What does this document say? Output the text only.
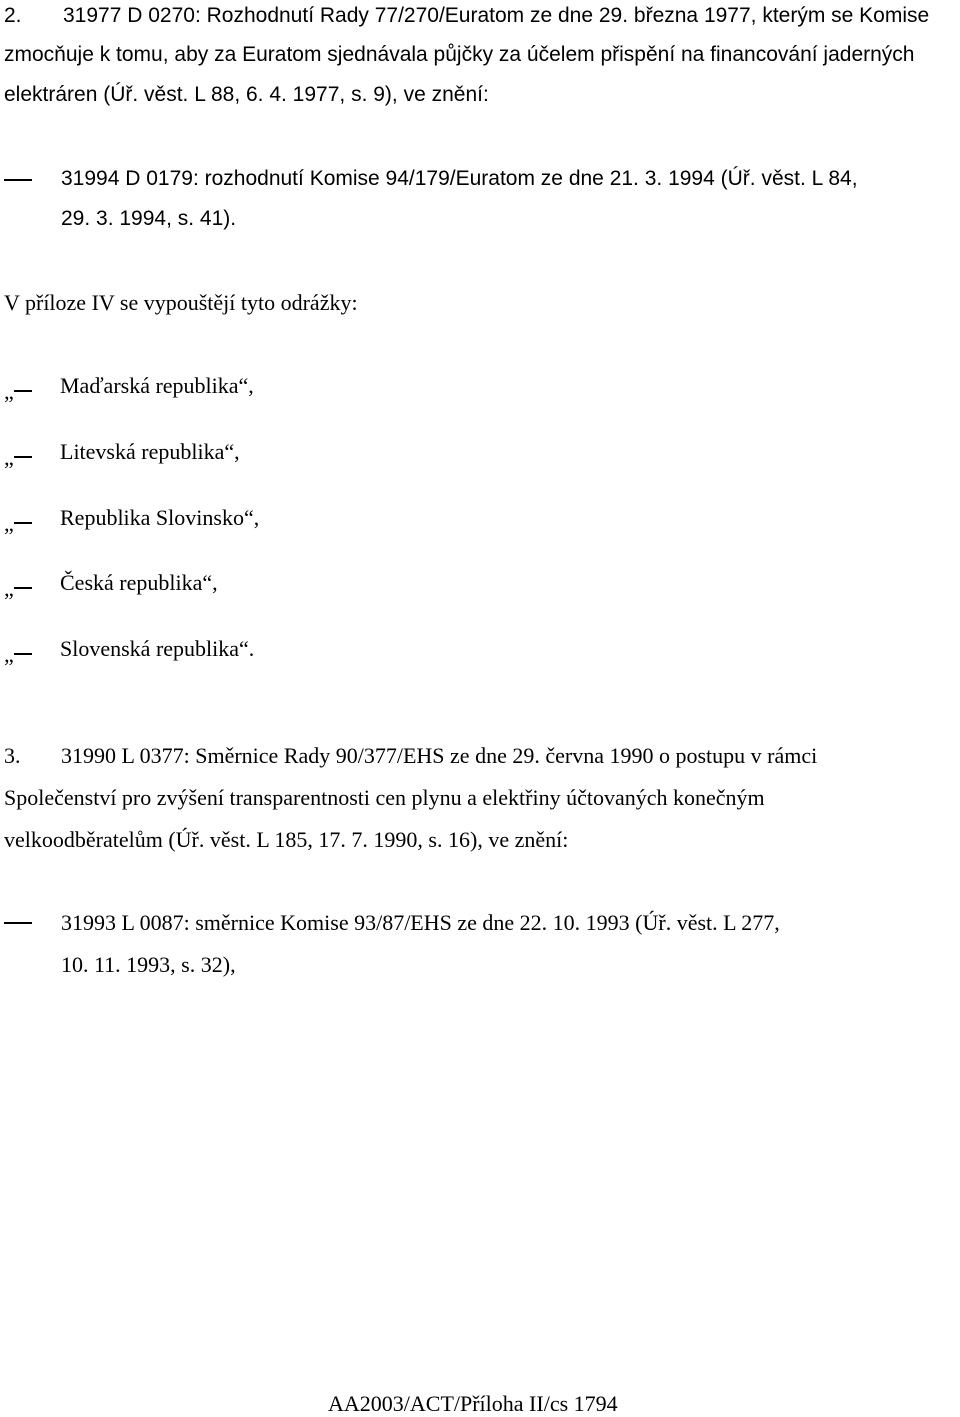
2. 31977 D 0270: Rozhodnutí Rady 77/270/Euratom ze dne 29. března 1977, kterým se Komise
zmocňuje k tomu, aby za Euratom sjednávala půjčky za účelem přispění na financování jaderných
elektráren (Úř. věst. L 88, 6. 4. 1977, s. 9), ve znění:
31994 D 0179: rozhodnutí Komise 94/179/Euratom ze dne 21. 3. 1994 (Úř. věst. L 84,
29. 3. 1994, s. 41).
V příloze IV se vypouštějí tyto odrážky:
„ Maďarská republika“,
„ Litevská republika“,
„ Republika Slovinsko“,
„ Česká republika“,
„ Slovenská republika“.
3. 31990 L 0377: Směrnice Rady 90/377/EHS ze dne 29. června 1990 o postupu v rámci
Společenství pro zvýšení transparentnosti cen plynu a elektřiny účtovaných konečným
velkoodběratelům (Úř. věst. L 185, 17. 7. 1990, s. 16), ve znění:
31993 L 0087: směrnice Komise 93/87/EHS ze dne 22. 10. 1993 (Úř. věst. L 277,
10. 11. 1993, s. 32),
AA2003/ACT/Příloha II/cs 1794
